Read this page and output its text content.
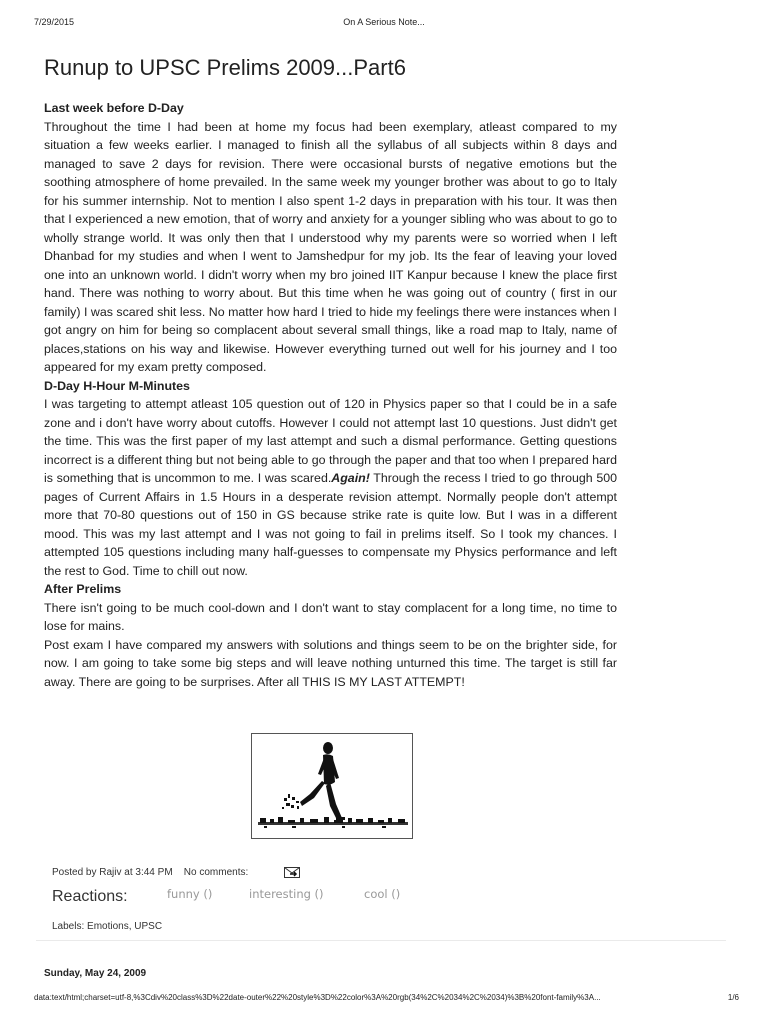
7/29/2015	On A Serious Note...
Runup to UPSC Prelims 2009...Part6

Last week before D-Day

Throughout the time I had been at home my focus had been exemplary, atleast compared to my situation a few weeks earlier. I managed to finish all the syllabus of all subjects within 8 days and managed to save 2 days for revision. There were occasional bursts of negative emotions but the soothing atmosphere of home prevailed. In the same week my younger brother was about to go to Italy for his summer internship. Not to mention I also spent 1-2 days in preparation with his tour. It was then that I experienced a new emotion, that of worry and anxiety for a younger sibling who was about to go to wholly strange world. It was only then that I understood why my parents were so worried when I left Dhanbad for my studies and when I went to Jamshedpur for my job. Its the fear of leaving your loved one into an unknown world. I didn't worry when my bro joined IIT Kanpur because I knew the place first hand. There was nothing to worry about. But this time when he was going out of country ( first in our family) I was scared shit less. No matter how hard I tried to hide my feelings there were instances when I got angry on him for being so complacent about several small things, like a road map to Italy, name of places,stations on his way and likewise. However everything turned out well for his journey and I too appeared for my exam pretty composed.

D-Day H-Hour M-Minutes

I was targeting to attempt atleast 105 question out of 120 in Physics paper so that I could be in a safe zone and i don't have worry about cutoffs. However I could not attempt last 10 questions. Just didn't get the time. This was the first paper of my last attempt and such a dismal performance. Getting questions incorrect is a different thing but not being able to go through the paper and that too when I prepared hard is something that is uncommon to me. I was scared.Again! Through the recess I tried to go through 500 pages of Current Affairs in 1.5 Hours in a desperate revision attempt. Normally people don't attempt more that 70-80 questions out of 150 in GS because strike rate is quite low. But I was in a different mood. This was my last attempt and I was not going to fail in prelims itself. So I took my chances. I attempted 105 questions including many half-guesses to compensate my Physics performance and left the rest to God. Time to chill out now.

After Prelims

There isn't going to be much cool-down and I don't want to stay complacent for a long time, no time to lose for mains.

Post exam I have compared my answers with solutions and things seem to be on the brighter side, for now. I am going to take some big steps and will leave nothing unturned this time. The target is still far away. There are going to be surprises. After all THIS IS MY LAST ATTEMPT!

Posted by Rajiv at 3:44 PM No comments:
Reactions:	funny ()	interesting ()	cool ()
Labels: Emotions, UPSC
Sunday, May 24, 2009
data:text/html;charset=utf-8,%3Cdiv%20class%3D%22date-outer%22%20style%3D%22color%3A%20rgb(34%2C%2034%2C%2034)%3B%20font-family%3A...	1/6
